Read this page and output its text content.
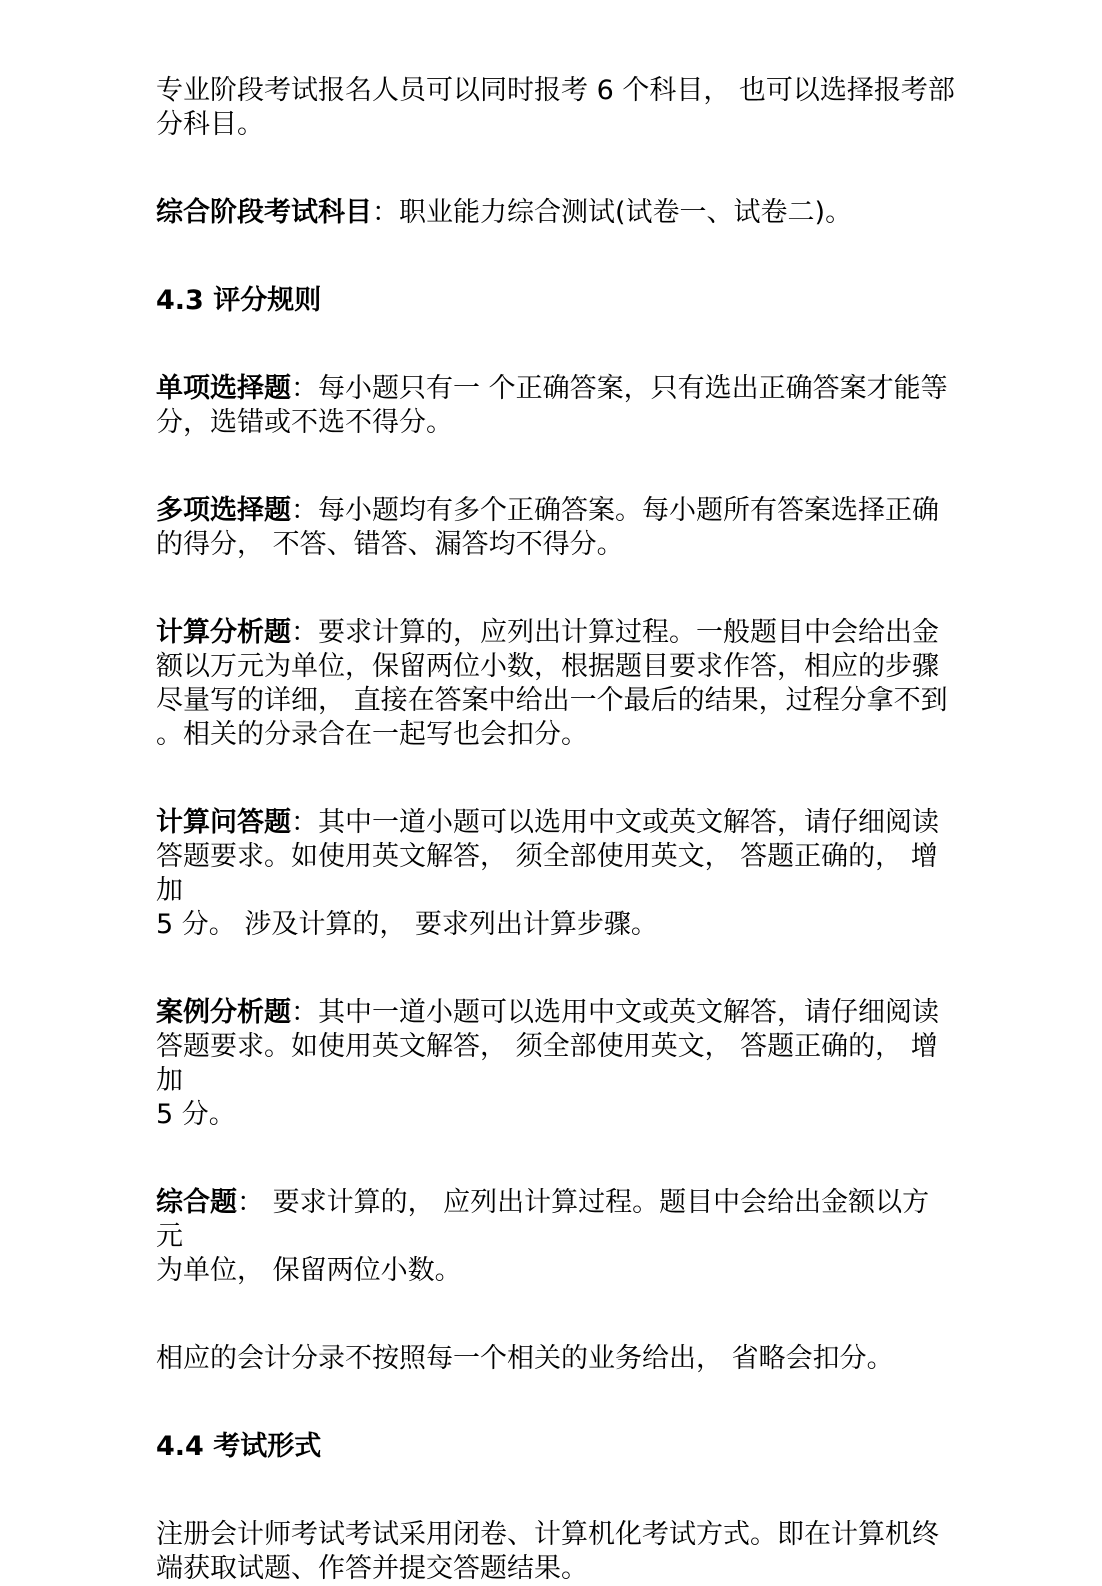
专业阶段考试报名人员可以同时报考 6 个科目， 也可以选择报考部
分科目。

综合阶段考试科目：职业能力综合测试(试卷一、试卷二)。

4.3 评分规则

单项选择题：每小题只有一 个正确答案，只有选出正确答案才能等
分，选错或不选不得分。

多项选择题：每小题均有多个正确答案。每小题所有答案选择正确
的得分， 不答、错答、漏答均不得分。

计算分析题：要求计算的，应列出计算过程。一般题目中会给出金
额以万元为单位，保留两位小数，根据题目要求作答，相应的步骤
尽量写的详细， 直接在答案中给出一个最后的结果，过程分拿不到
。相关的分录合在一起写也会扣分。

计算问答题：其中一道小题可以选用中文或英文解答，请仔细阅读
答题要求。如使用英文解答， 须全部使用英文， 答题正确的， 增加
5 分。 涉及计算的， 要求列出计算步骤。

案例分析题：其中一道小题可以选用中文或英文解答，请仔细阅读
答题要求。如使用英文解答， 须全部使用英文， 答题正确的， 增加
5 分。

综合题： 要求计算的， 应列出计算过程。题目中会给出金额以方元
为单位， 保留两位小数。

相应的会计分录不按照每一个相关的业务给出， 省略会扣分。

4.4 考试形式

注册会计师考试考试采用闭卷、计算机化考试方式。即在计算机终
端获取试题、作答并提交答题结果。
